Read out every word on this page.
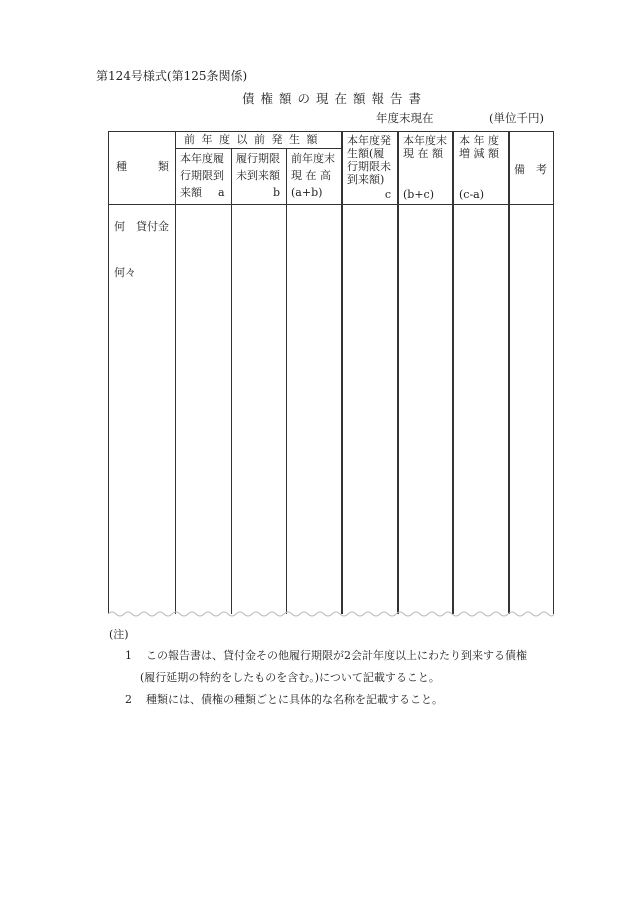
第124号様式(第125条関係)
債権額の現在額報告書
年度末現在	(単位千円)
種	類
前 年 度 以 前 発 生 額
本年度履
行期限到
来額 a
履行期限
未到来額
b
前年度末
現 在 高
(a+b)
本年度発
生額(履
行期限未
到来額)
c
本年度末
現 在 額
(b+c)
本 年 度
増 減 額
(c-a)
備 考
何 貸付金
何々
(注)
1 この報告書は、貸付金その他履行期限が2会計年度以上にわたり到来する債権
(履行延期の特約をしたものを含む。)について記載すること。
2 種類には、債権の種類ごとに具体的な名称を記載すること。
